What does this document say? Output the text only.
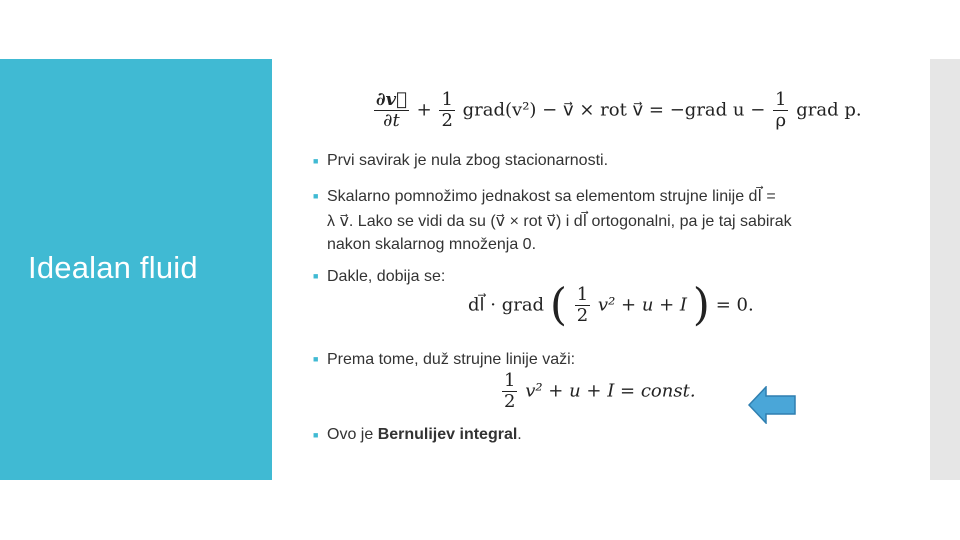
Idealan fluid
$\frac{\partial v⃗}{\partial t} + \frac{1}{2}$ grad(v²) − v⃗ × rot v⃗ = −grad $u - \frac{1}{\rho}$ grad p.
■ Prvi savirak je nula zbog stacionarnosti.
■ Skalarno pomnožimo jednakost sa elementom strujne linije dl⃗ =
λ v⃗. Lako se vidi da su (v⃗ × rot v⃗) i dl⃗ ortogonalni, pa je taj sabirak
nakon skalarnog množenja 0.
■ Dakle, dobija se:
dl⃗ · grad ( $\frac{1}{2} v^2 + u + I$ ) = 0.
■ Prema tome, duž strujne linije važi:
$\frac{1}{2} v^2 + u + I$ = const.
■ Ovo je Bernulijev integral.
